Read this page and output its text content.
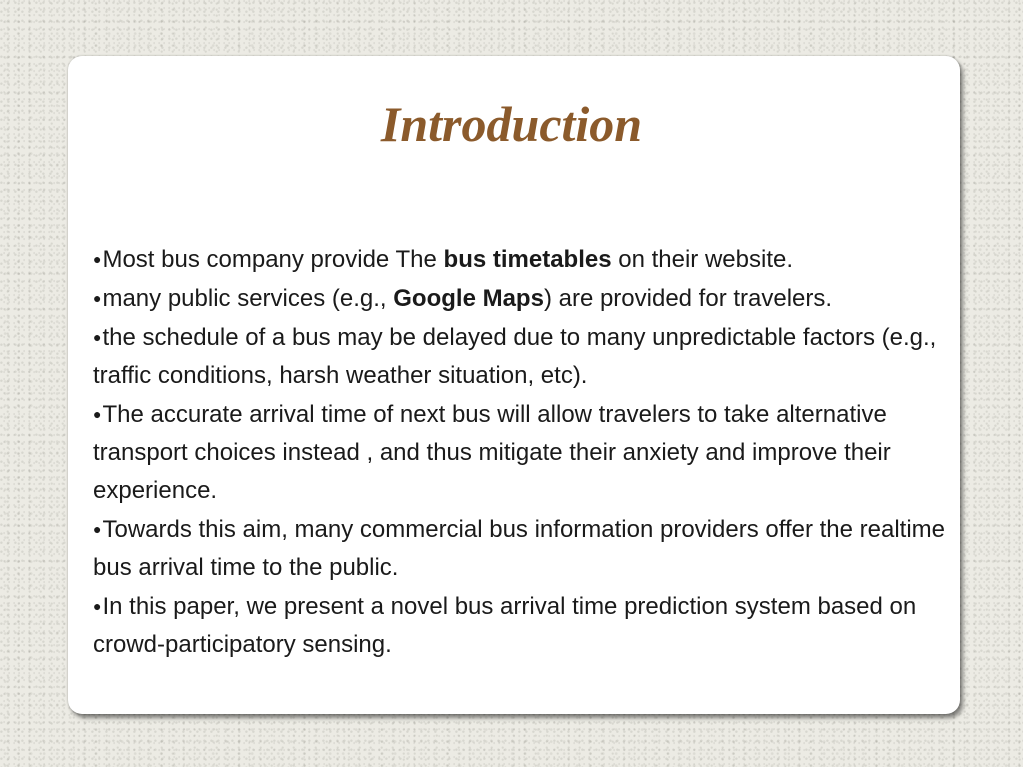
Introduction

●Most bus company provide The bus timetables on their website.

●many public services (e.g., Google Maps) are provided for travelers.

●the schedule of a bus may be delayed due to many unpredictable factors (e.g., traffic conditions, harsh weather situation, etc).

●The accurate arrival time of next bus will allow travelers to take alternative transport choices instead , and thus mitigate their anxiety and improve their experience.

●Towards this aim, many commercial bus information providers offer the realtime bus arrival time to the public.

●In this paper, we present a novel bus arrival time prediction system based on crowd-participatory sensing.
